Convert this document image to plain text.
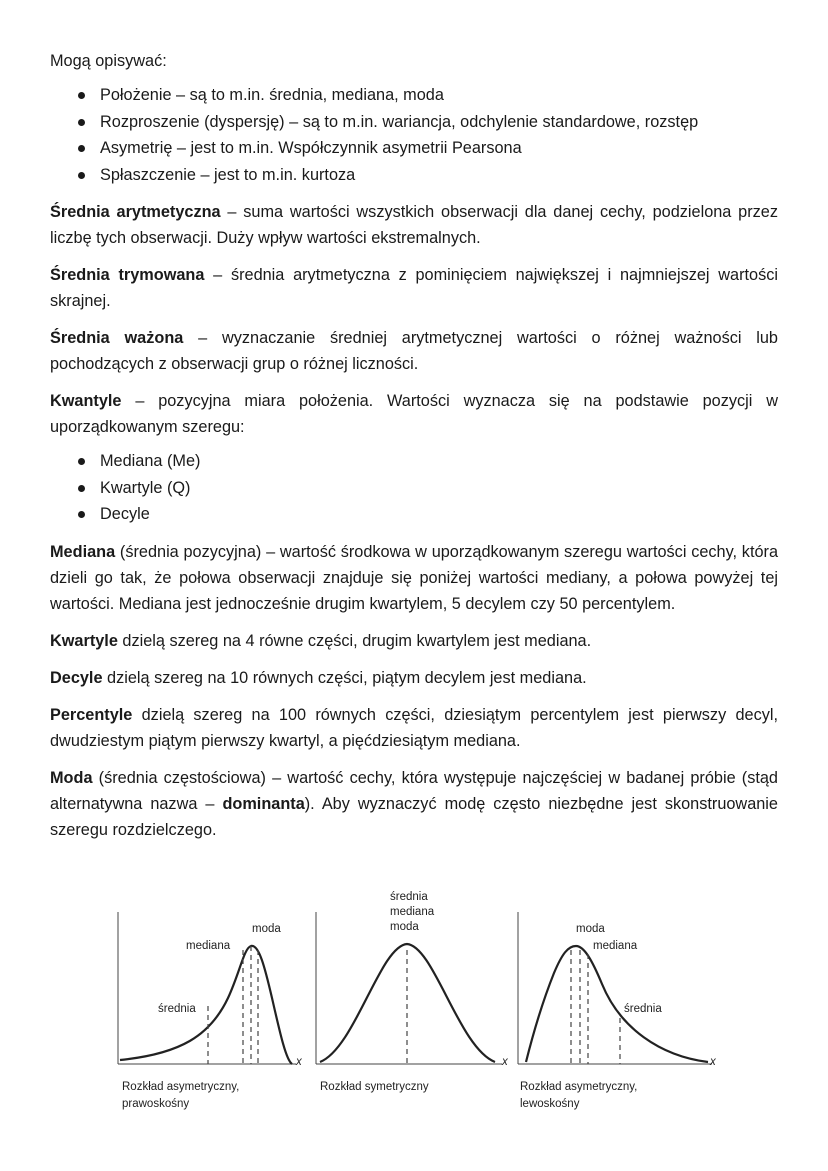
Mogą opisywać:

Położenie – są to m.in. średnia, mediana, moda
Rozproszenie (dyspersję) – są to m.in. wariancja, odchylenie standardowe, rozstęp
Asymetrię – jest to m.in. Współczynnik asymetrii Pearsona
Spłaszczenie – jest to m.in. kurtoza

Średnia arytmetyczna – suma wartości wszystkich obserwacji dla danej cechy, podzielona przez liczbę tych obserwacji. Duży wpływ wartości ekstremalnych.

Średnia trymowana – średnia arytmetyczna z pominięciem największej i najmniejszej wartości skrajnej.

Średnia ważona – wyznaczanie średniej arytmetycznej wartości o różnej ważności lub pochodzących z obserwacji grup o różnej liczności.

Kwantyle – pozycyjna miara położenia. Wartości wyznacza się na podstawie pozycji w uporządkowanym szeregu:

Mediana (Me)
Kwartyle (Q)
Decyle

Mediana (średnia pozycyjna) – wartość środkowa w uporządkowanym szeregu wartości cechy, która dzieli go tak, że połowa obserwacji znajduje się poniżej wartości mediany, a połowa powyżej tej wartości. Mediana jest jednocześnie drugim kwartylem, 5 decylem czy 50 percentylem.

Kwartyle dzielą szereg na 4 równe części, drugim kwartylem jest mediana.

Decyle dzielą szereg na 10 równych części, piątym decylem jest mediana.

Percentyle dzielą szereg na 100 równych części, dziesiątym percentylem jest pierwszy decyl, dwudziestym piątym pierwszy kwartyl, a pięćdziesiątym mediana.

Moda (średnia częstościowa) – wartość cechy, która występuje najczęściej w badanej próbie (stąd alternatywna nazwa – dominanta). Aby wyznaczyć modę często niezbędne jest skonstruowanie szeregu rozdzielczego.

moda
mediana
średnia
x
Rozkład asymetryczny,
prawoskośny
średnia
mediana
moda
x
Rozkład symetryczny
moda
mediana
średnia
x
Rozkład asymetryczny,
lewoskośny
